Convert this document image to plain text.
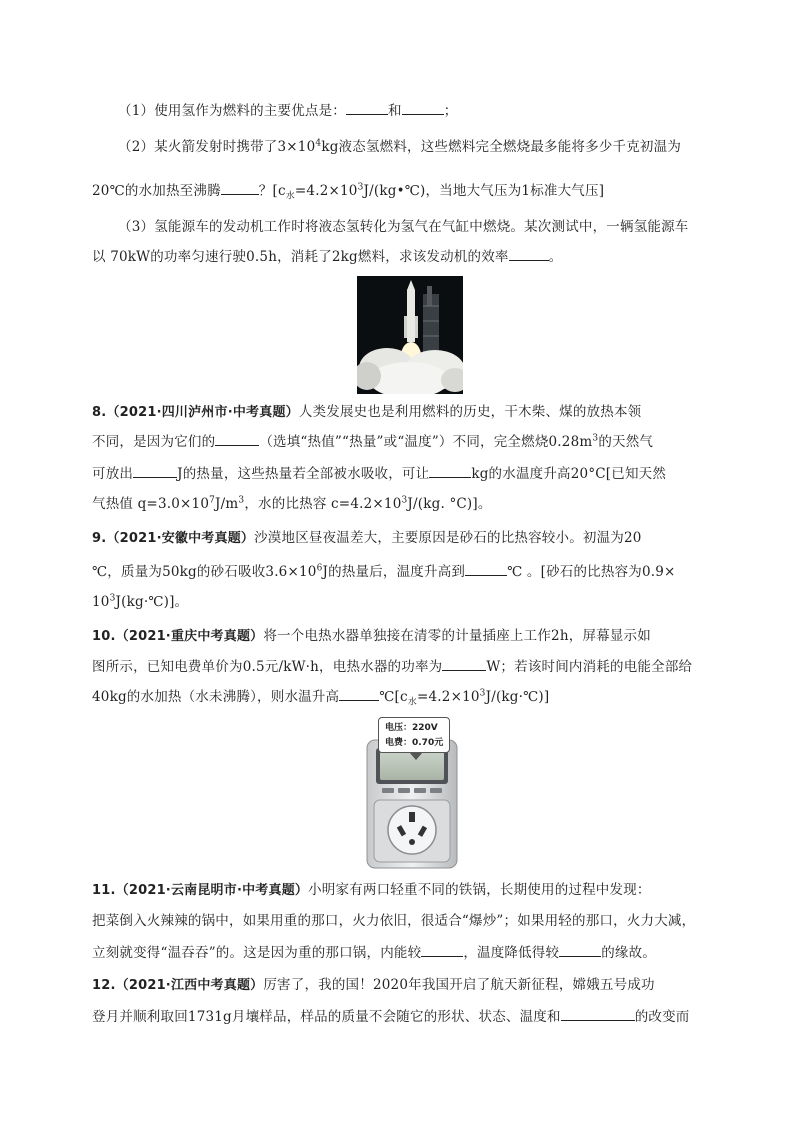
（1）使用氢作为燃料的主要优点是：	和	；
（2）某火箭发射时携带了$3\times 10^4kg$液态氢燃料，这些燃料完全燃烧最多能将多少千克初温为
20℃的水加热至沸腾	？[$c_水=4.2\times 10^3J/(kg•℃)$，当地大气压为1标准大气压]
（3）氢能源车的发动机工作时将液态氢转化为氢气在气缸中燃烧。某次测试中，一辆氢能源车
以 70kW的功率匀速行驶0.5h，消耗了2kg燃料，求该发动机的效率	。
8.（2021·四川泸州市·中考真题）人类发展史也是利用燃料的历史，干木柴、煤的放热本领
不同，是因为它们的	（选填“热值”“热量”或“温度”）不同，完全燃烧$0.28m^3$的天然气
可放出	J的热量，这些热量若全部被水吸收，可让	kg的水温度升高20°C[已知天然
气热值 $q=3.0\times 10^7J/m^3$，水的比热容 $c=4.2\times 10^3J/(kg$. °C)]。
9.（2021·安徽中考真题）沙漠地区昼夜温差大，主要原因是砂石的比热容较小。初温为20
℃，质量为50kg的砂石吸收$3.6\times 10^6J$的热量后，温度升高到	℃ 。[砂石的比热容为0.9×
$10^3J(kg\cdot℃)$]。
10.（2021·重庆中考真题）将一个电热水器单独接在清零的计量插座上工作2h，屏幕显示如
图所示，已知电费单价为0.5元/kW·h，电热水器的功率为	W；若该时间内消耗的电能全部给
40kg的水加热（水未沸腾），则水温升高	$℃[c_水=4.2\times 10^3J/(kg\cdot℃)]$
电压：220V
电费：0.70元
11.（2021·云南昆明市·中考真题）小明家有两口轻重不同的铁锅，长期使用的过程中发现：
把菜倒入火辣辣的锅中，如果用重的那口，火力依旧，很适合“爆炒”；如果用轻的那口，火力大减，
立刻就变得“温吞吞”的。这是因为重的那口锅，内能较	，温度降低得较	的缘故。
12.（2021·江西中考真题）厉害了，我的国！2020年我国开启了航天新征程，嫦娥五号成功
登月并顺利取回1731g月壤样品，样品的质量不会随它的形状、状态、温度和	的改变而
